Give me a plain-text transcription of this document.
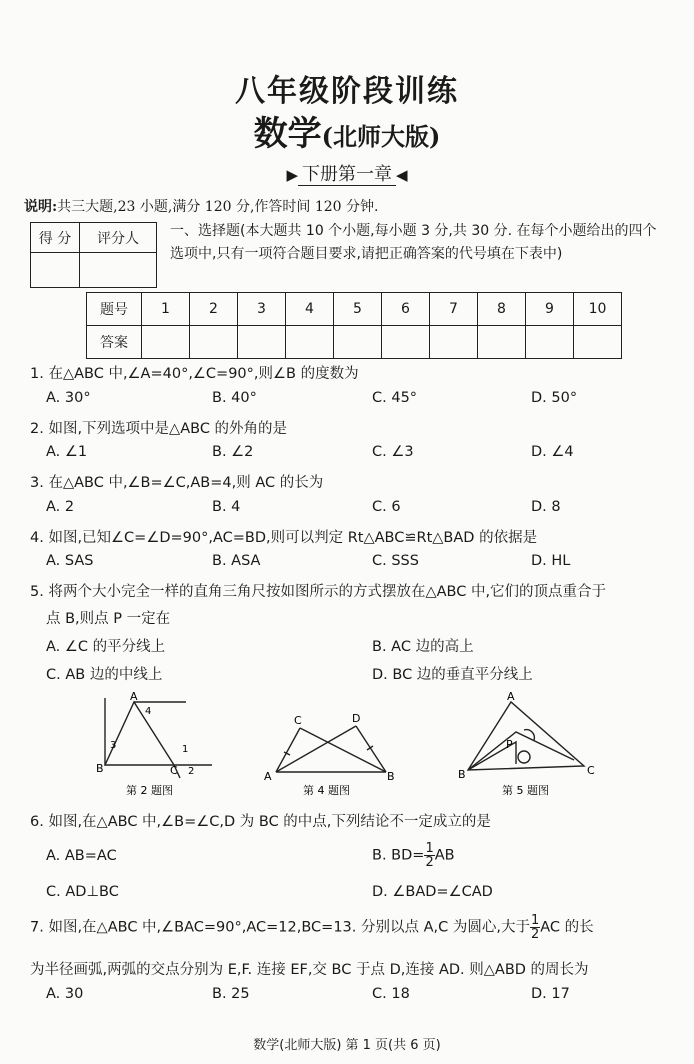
八年级阶段训练
数学(北师大版)
▶ 下册第一章 ◀
说明:共三大题,23 小题,满分 120 分,作答时间 120 分钟.
得 分	评分人
	一、选择题(本大题共 10 个小题,每小题 3 分,共 30 分. 在每个小题给出的四个选项中,只有一项符合题目要求,请把正确答案的代号填在下表中)
题号	1	2	3	4	5	6	7	8	9	10
答案										
1. 在△ABC 中,∠A=40°,∠C=90°,则∠B 的度数为
A. 30°	B. 40°	C. 45°	D. 50°
2. 如图,下列选项中是△ABC 的外角的是
A. ∠1	B. ∠2	C. ∠3	D. ∠4
3. 在△ABC 中,∠B=∠C,AB=4,则 AC 的长为
A. 2	B. 4	C. 6	D. 8
4. 如图,已知∠C=∠D=90°,AC=BD,则可以判定 Rt△ABC≌Rt△BAD 的依据是
A. SAS	B. ASA	C. SSS	D. HL
5. 将两个大小完全一样的直角三角尺按如图所示的方式摆放在△ABC 中,它们的顶点重合于
点 B,则点 P 一定在
A. ∠C 的平分线上	B. AC 边的高上
C. AB 边的中线上	D. BC 边的垂直平分线上
A
4
3	1
B	C 2
第 2 题图
C	D
A	B
第 4 题图
A
P
B	C
第 5 题图
6. 如图,在△ABC 中,∠B=∠C,D 为 BC 的中点,下列结论不一定成立的是
A. AB=AC	B. $BD= \frac{1}{2}$ AB
C. AD⊥BC	D. ∠BAD=∠CAD
7. 如图,在△ABC 中,∠BAC=90°,AC=12,BC=13. 分别以点 A,C 为圆心,大于 $\frac{1}{2}$ AC 的长
为半径画弧,两弧的交点分别为 E,F. 连接 EF,交 BC 于点 D,连接 AD. 则△ABD 的周长为
A. 30	B. 25	C. 18	D. 17
数学(北师大版) 第 1 页(共 6 页)
